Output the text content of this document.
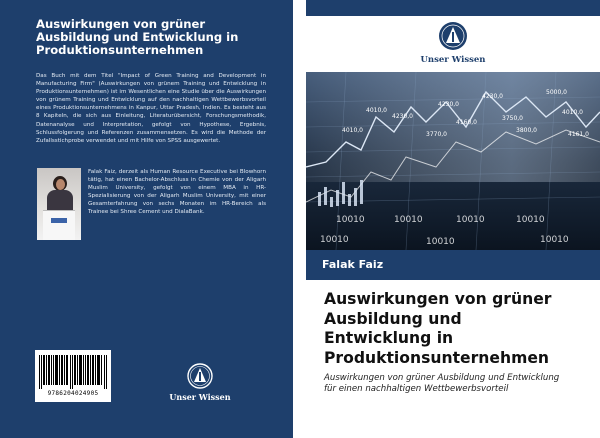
Auswirkungen von grüner
Ausbildung und Entwicklung in
Produktionsunternehmen
Das Buch mit dem Titel "Impact of Green Training and Development in Manufacturing Firm" (Auswirkungen von grünem Training und Entwicklung in Produktionsunternehmen) ist im Wesentlichen eine Studie über die Auswirkungen von grünem Training und Entwicklung auf den nachhaltigen Wettbewerbsvorteil eines Produktionsunternehmens in Kanpur, Uttar Pradesh, Indien. Es besteht aus 8 Kapiteln, die sich aus Einleitung, Literaturübersicht, Forschungsmethodik, Datenanalyse und Interpretation, gefolgt von Hypothese, Ergebnis, Schlussfolgerung und Referenzen zusammensetzen. Es wird die Methode der Zufallsstichprobe verwendet und mit Hilfe von SPSS ausgewertet.
Falak Faiz, derzeit als Human Resource Executive bei Blowhorn tätig, hat einen Bachelor-Abschluss in Chemie von der Aligarh Muslim University, gefolgt von einem MBA in HR-Spezialisierung von der Aligarh Muslim University, mit einer Gesamterfahrung von sechs Monaten im HR-Bereich als Trainee bei Shree Cement und DialaBank.
9786204024905	Unser Wissen
Unser Wissen
4230,0
4230,0
4160,0
3750,0
5000,0
4010,0
3800,0
4010,0
4230,0
3770,0
4010,0
4161,0
10010	10010	10010	10010
10010	10010	10010
Falak Faiz
Auswirkungen von grüner
Ausbildung und
Entwicklung in
Produktionsunternehmen
Auswirkungen von grüner Ausbildung und Entwicklung
für einen nachhaltigen Wettbewerbsvorteil
